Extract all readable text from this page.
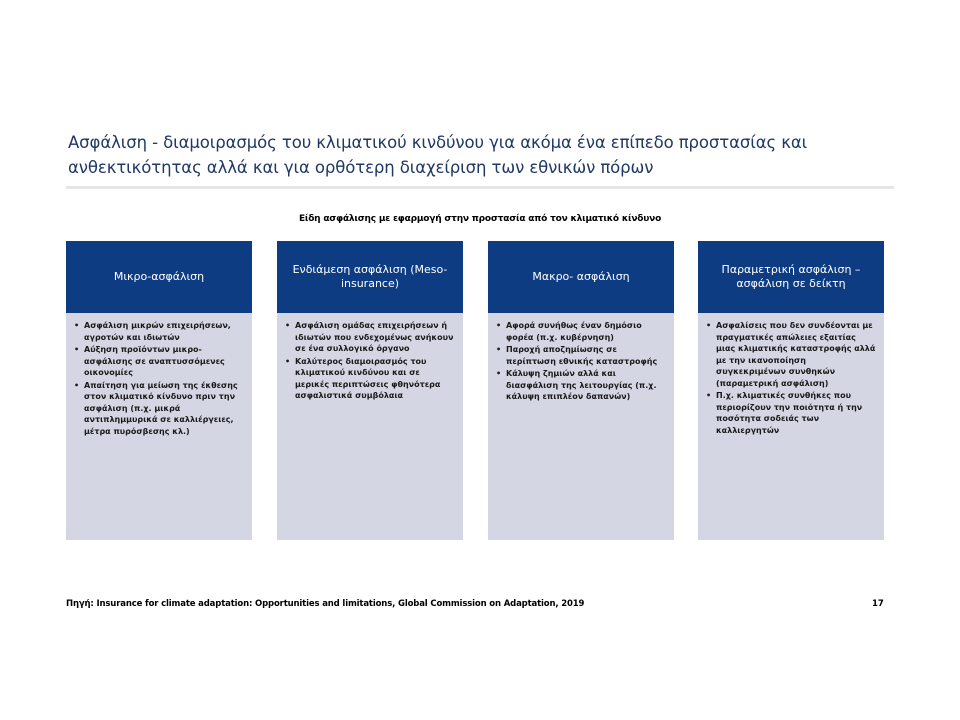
Ασφάλιση - διαμοιρασμός του κλιματικού κινδύνου για ακόμα ένα επίπεδο προστασίας και ανθεκτικότητας αλλά και για ορθότερη διαχείριση των εθνικών πόρων
Είδη ασφάλισης με εφαρμογή στην προστασία από τον κλιματικό κίνδυνο
Μικρο-ασφάλιση
• Ασφάλιση μικρών επιχειρήσεων, αγροτών και ιδιωτών
• Αύξηση προϊόντων μικρο-ασφάλισης σε αναπτυσσόμενες οικονομίες
• Απαίτηση για μείωση της έκθεσης στον κλιματικό κίνδυνο πριν την ασφάλιση (π.χ. μικρά αντιπλημμυρικά σε καλλιέργειες, μέτρα πυρόσβεσης κλ.)
Ενδιάμεση ασφάλιση (Meso-insurance)
• Ασφάλιση ομάδας επιχειρήσεων ή ιδιωτών που ενδεχομένως ανήκουν σε ένα συλλογικό όργανο
• Καλύτερος διαμοιρασμός του κλιματικού κινδύνου και σε μερικές περιπτώσεις φθηνότερα ασφαλιστικά συμβόλαια
Μακρο- ασφάλιση
• Αφορά συνήθως έναν δημόσιο φορέα (π.χ. κυβέρνηση)
• Παροχή αποζημίωσης σε περίπτωση εθνικής καταστροφής
• Κάλυψη ζημιών αλλά και διασφάλιση της λειτουργίας (π.χ. κάλυψη επιπλέον δαπανών)
Παραμετρική ασφάλιση – ασφάλιση σε δείκτη
• Ασφαλίσεις που δεν συνδέονται με πραγματικές απώλειες εξαιτίας μιας κλιματικής καταστροφής αλλά με την ικανοποίηση συγκεκριμένων συνθηκών (παραμετρική ασφάλιση)
• Π.χ. κλιματικές συνθήκες που περιορίζουν την ποιότητα ή την ποσότητα σοδειάς των καλλιεργητών
Πηγή: Insurance for climate adaptation: Opportunities and limitations, Global Commission on Adaptation, 2019	17
